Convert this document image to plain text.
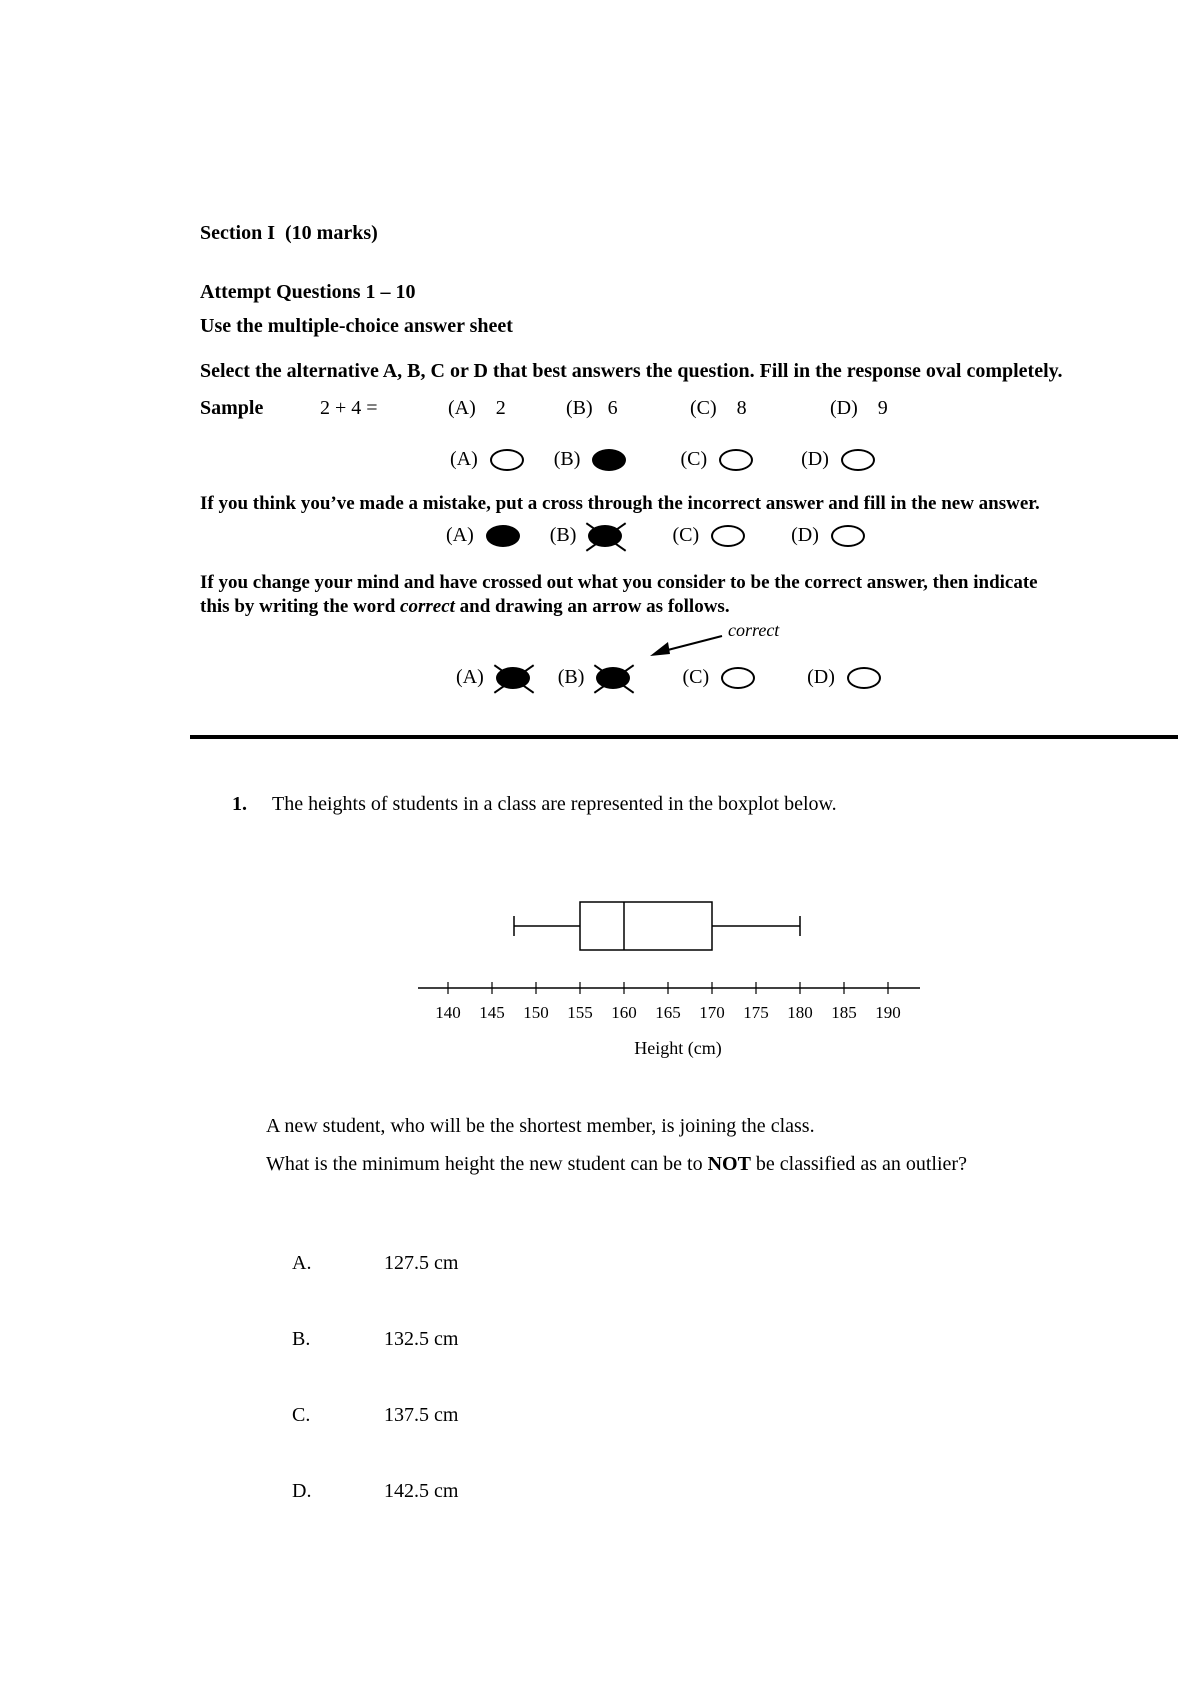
Section I (10 marks)
Attempt Questions 1 – 10
Use the multiple-choice answer sheet
Select the alternative A, B, C or D that best answers the question. Fill in the response oval completely.
Sample	2 + 4 =	(A) 2	(B) 6	(C) 8	(D) 9
(A)	(B)	(C)	(D)
If you think you’ve made a mistake, put a cross through the incorrect answer and fill in the new answer.
(A)	(B)	(C)	(D)
If you change your mind and have crossed out what you consider to be the correct answer, then indicate
this by writing the word correct and drawing an arrow as follows.
correct
(A)	(B)	(C)	(D)
1. The heights of students in a class are represented in the boxplot below.
140 145 150 155 160 165 170 175 180 185 190
Height (cm)
A new student, who will be the shortest member, is joining the class.
What is the minimum height the new student can be to NOT be classified as an outlier?
A.	127.5 cm
B.	132.5 cm
C.	137.5 cm
D.	142.5 cm
